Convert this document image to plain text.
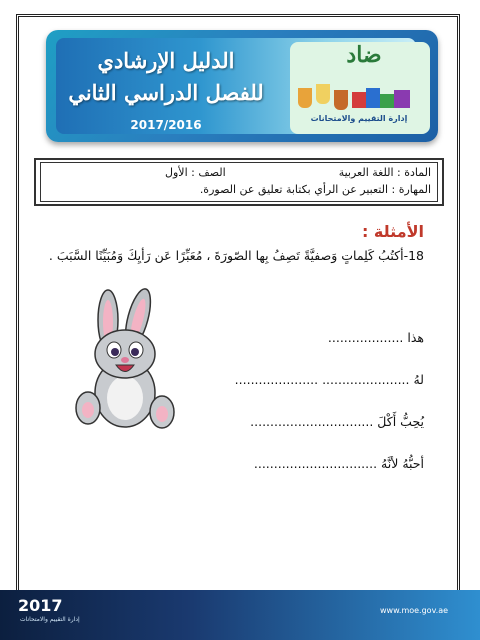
الدليل الإرشادي
للفصل الدراسي الثاني
2017/2016
ضاد
إدارة التقييم والامتحانات
المادة : اللغة العربية
الصف : الأول
المهارة : التعبير عن الرأي بكتابة تعليق عن الصورة.
الأمثلة :
18-أكتُبُ كَلِماتٍ وَصفيَّةً تَصِفُ بِها الصّورَةَ ، مُعَبِّرًا عَن رَأيِكَ وَمُبَيِّنًا السَّبَبَ .
هذا ...................
لهُ ...................... .....................
يُحِبُّ أَكْلَ ...............................
أحبُّهُ لأنَّهُ ...............................
2017
إدارة التقييم والامتحانات
www.moe.gov.ae
